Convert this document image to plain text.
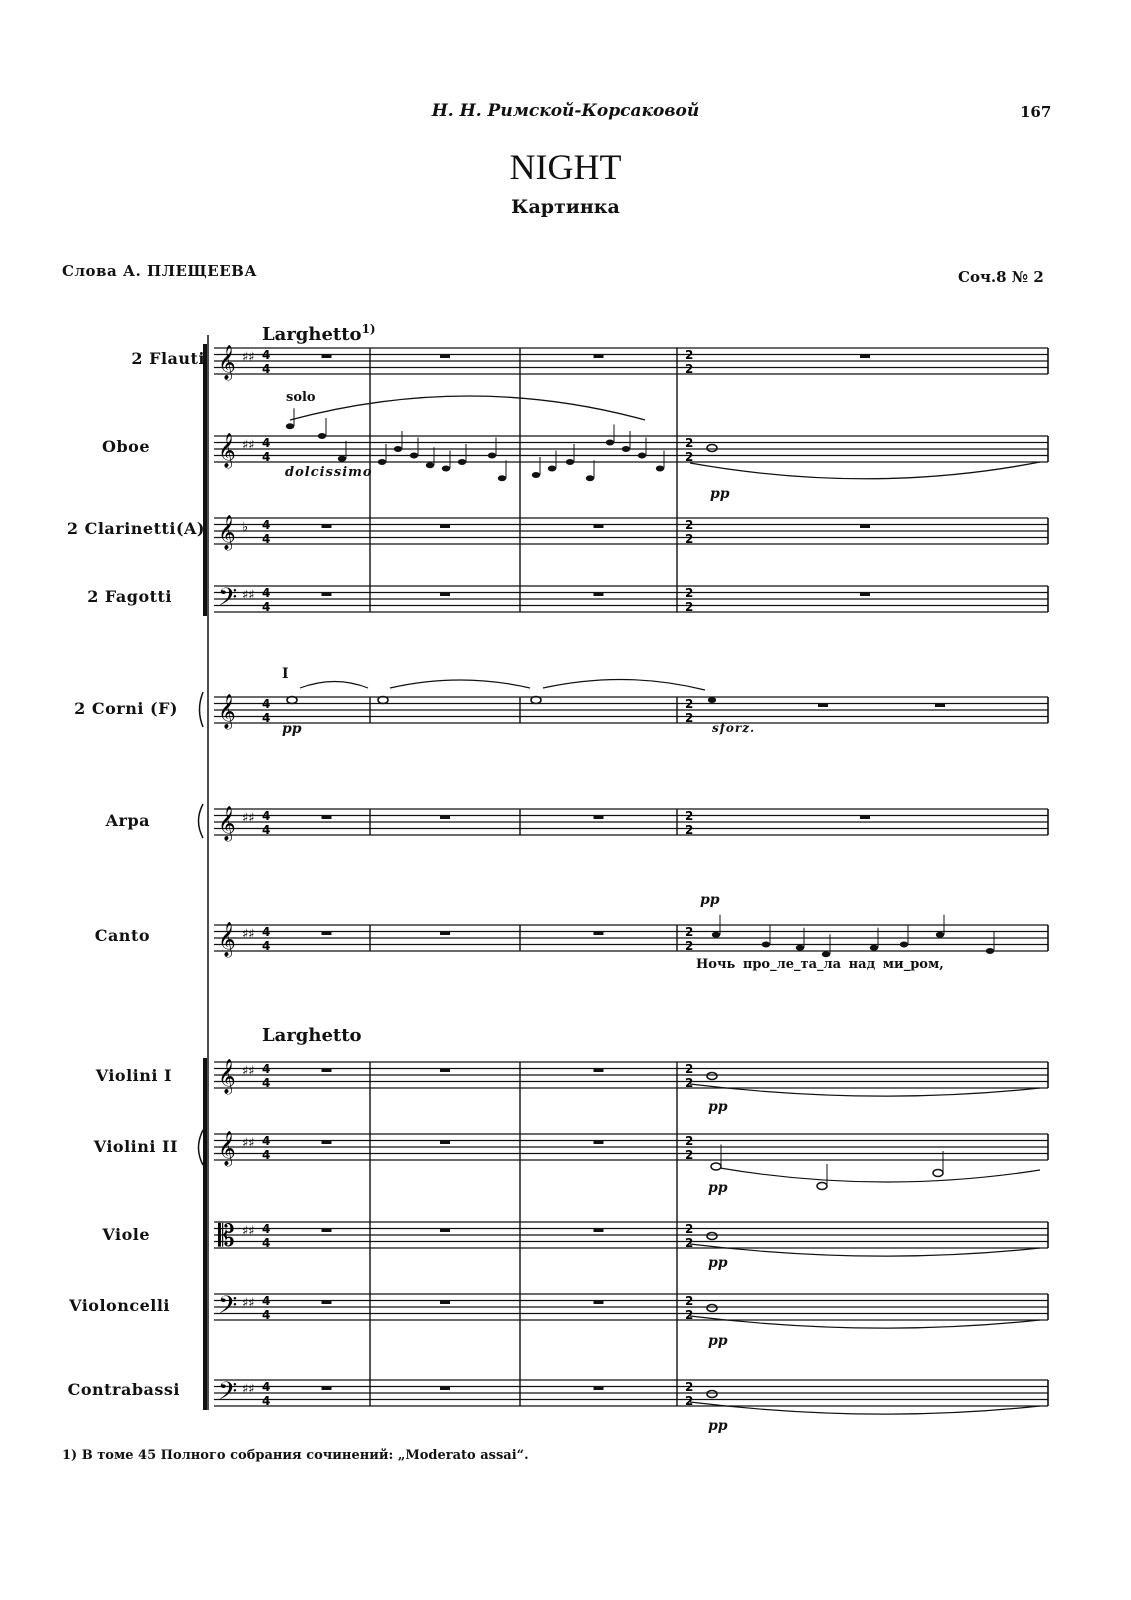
Н. Н. Римской-Корсаковой	167
NIGHT
Картинка
Слова А. ПЛЕЩЕЕВА	Соч.8 № 2
4
4
2
2
𝄞 ♯♯
4
4
2
2
𝄞 ♯♯
4
4
2
2
𝄞 ♭
4
4
2
2
𝄢 ♯♯
4
4
2
2
𝄞
4
4
2
2
𝄞 ♯♯
4
4
2
2
𝄞 ♯♯
4
4
2
2
𝄞 ♯♯
4
4
2
2
𝄞 ♯♯
4
4
2
2
𝄡 ♯♯
4
4
2
2
𝄢 ♯♯
4
4
2
2
𝄢 ♯♯
Larghetto$^{1)}$
Larghetto
2 Flauti
Oboe
2 Clarinetti(A)
2 Fagotti
2 Corni (F)
Arpa
Canto
Violini I
Violini II
Viole
Violoncelli
Contrabassi
solo
dolcissimo
pp
I
pp	sforz.
pp
Ночь про_ле_та_ла над ми_ром,
pp
pp
pp
pp
pp
1) В томе 45 Полного собрания сочинений: „Moderato assai“.
